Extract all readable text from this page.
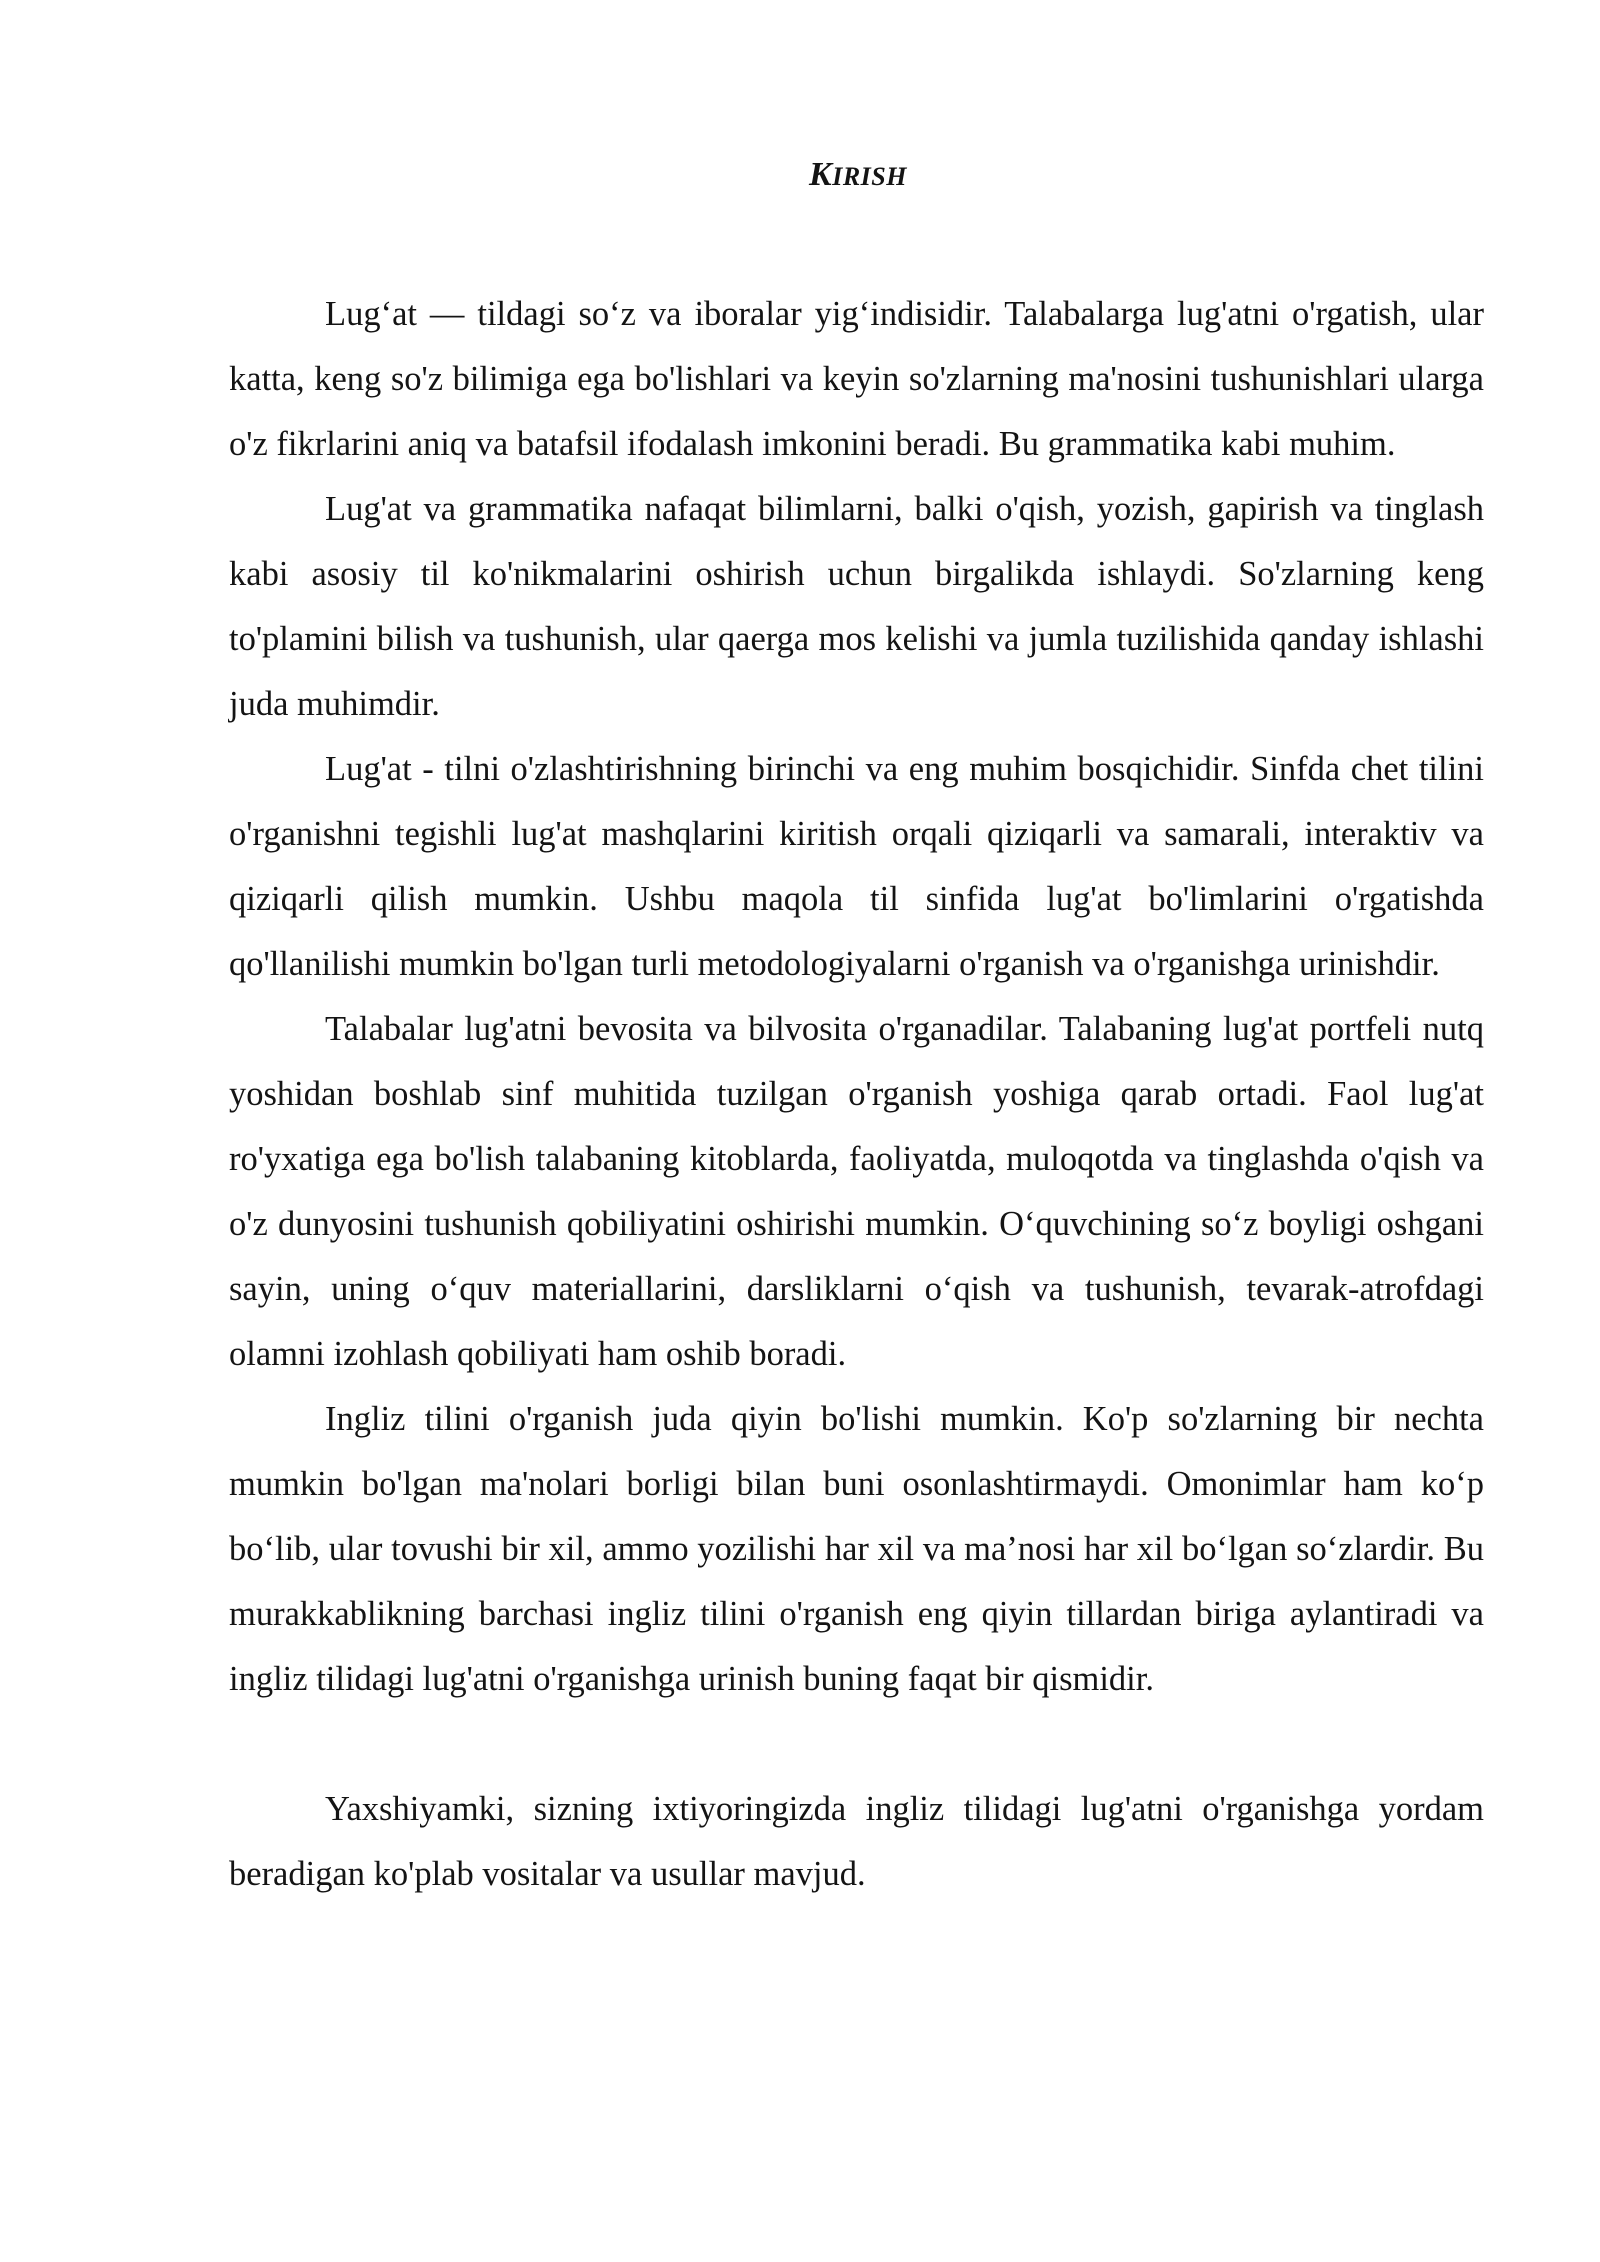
KIRISH

Lug‘at — tildagi so‘z va iboralar yig‘indisidir. Talabalarga lug'atni o'rgatish, ular katta, keng so'z bilimiga ega bo'lishlari va keyin so'zlarning ma'nosini tushunishlari ularga o'z fikrlarini aniq va batafsil ifodalash imkonini beradi. Bu grammatika kabi muhim.

Lug'at va grammatika nafaqat bilimlarni, balki o'qish, yozish, gapirish va tinglash kabi asosiy til ko'nikmalarini oshirish uchun birgalikda ishlaydi. So'zlarning keng to'plamini bilish va tushunish, ular qaerga mos kelishi va jumla tuzilishida qanday ishlashi juda muhimdir.

Lug'at - tilni o'zlashtirishning birinchi va eng muhim bosqichidir. Sinfda chet tilini o'rganishni tegishli lug'at mashqlarini kiritish orqali qiziqarli va samarali, interaktiv va qiziqarli qilish mumkin. Ushbu maqola til sinfida lug'at bo'limlarini o'rgatishda qo'llanilishi mumkin bo'lgan turli metodologiyalarni o'rganish va o'rganishga urinishdir.

Talabalar lug'atni bevosita va bilvosita o'rganadilar. Talabaning lug'at portfeli nutq yoshidan boshlab sinf muhitida tuzilgan o'rganish yoshiga qarab ortadi. Faol lug'at ro'yxatiga ega bo'lish talabaning kitoblarda, faoliyatda, muloqotda va tinglashda o'qish va o'z dunyosini tushunish qobiliyatini oshirishi mumkin. O‘quvchining so‘z boyligi oshgani sayin, uning o‘quv materiallarini, darsliklarni o‘qish va tushunish, tevarak-atrofdagi olamni izohlash qobiliyati ham oshib boradi.

Ingliz tilini o'rganish juda qiyin bo'lishi mumkin. Ko'p so'zlarning bir nechta mumkin bo'lgan ma'nolari borligi bilan buni osonlashtirmaydi. Omonimlar ham ko‘p bo‘lib, ular tovushi bir xil, ammo yozilishi har xil va ma’nosi har xil bo‘lgan so‘zlardir. Bu murakkablikning barchasi ingliz tilini o'rganish eng qiyin tillardan biriga aylantiradi va ingliz tilidagi lug'atni o'rganishga urinish buning faqat bir qismidir.

Yaxshiyamki, sizning ixtiyoringizda ingliz tilidagi lug'atni o'rganishga yordam beradigan ko'plab vositalar va usullar mavjud.
